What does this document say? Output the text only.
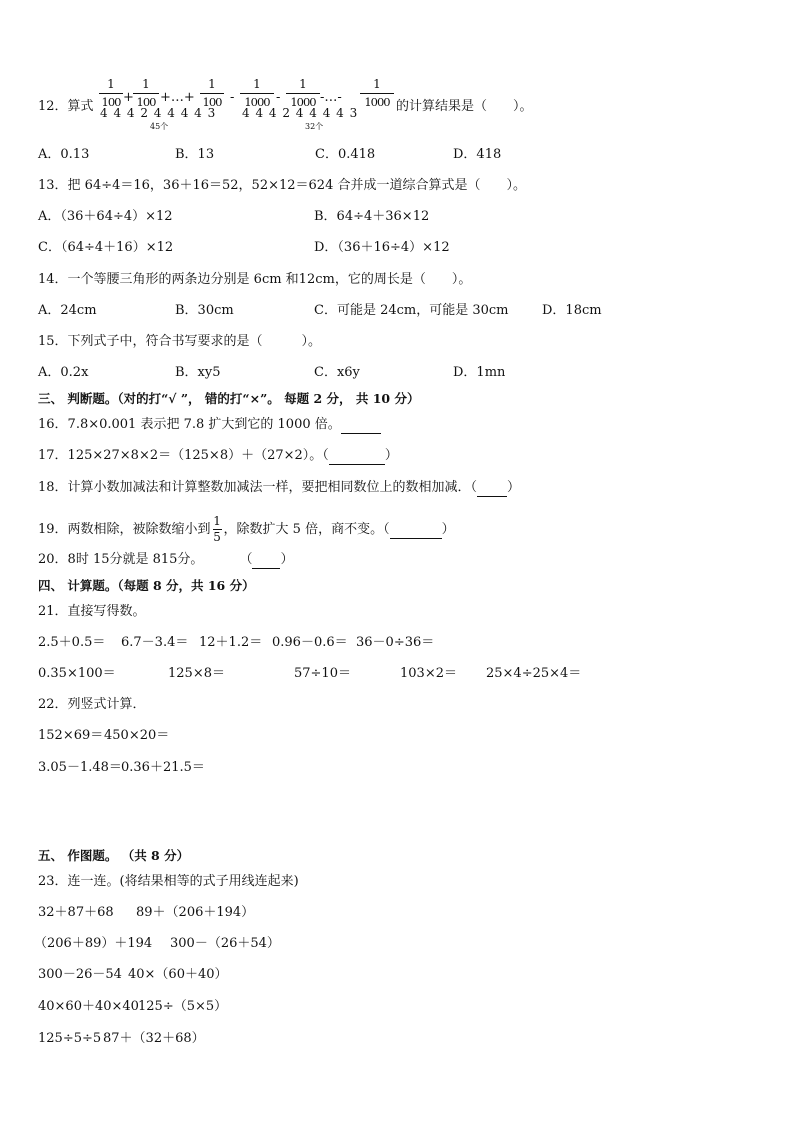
12．算式
1
100 +
1
100 +…+
1
100 -
1
1000 -
1
1000 -…-
1
1000
4 4 4 2 4 4 4 4 3 4 4 4 2 4 4 4 4 3
45个	32个
的计算结果是（　　）。
A．0.13	B．13	C．0.418	D．418
13．把 64÷4＝16，36＋16＝52，52×12＝624 合并成一道综合算式是（　　）。
A．（36＋64÷4）×12	B．64÷4＋36×12
C．（64÷4＋16）×12	D．（36＋16÷4）×12
14．一个等腰三角形的两条边分别是 6cm 和12cm，它的周长是（　　）。
A．24cm	B．30cm	C．可能是 24cm，可能是 30cm	D．18cm
15．下列式子中，符合书写要求的是（　　　）。
A．0.2x	B．xy5	C．x6y	D．1mn
三、 判断题。（对的打“√ ”， 错的打“×”。 每题 2 分， 共 10 分）
16．7.8×0.001 表示把 7.8 扩大到它的 1000 倍。
17．125×27×8×2＝（125×8）＋（27×2）。（	）
18．计算小数加减法和计算整数加减法一样，要把相同数位上的数相加减．（ ）
19．两数相除，被除数缩小到 $\frac{1}{5}$ ，除数扩大 5 倍，商不变。（	）
20．8时 15分就是 815分。	（ ）
四、 计算题。（每题 8 分，共 16 分）
21．直接写得数。
2.5＋0.5＝ 6.7－3.4＝ 12＋1.2＝ 0.96－0.6＝ 36－0÷36＝
0.35×100＝	125×8＝	57÷10＝	103×2＝ 25×4÷25×4＝
22．列竖式计算．
152×69＝ 450×20＝
3.05－1.48＝ 0.36＋21.5＝
五、 作图题。 （共 8 分）
23．连一连。(将结果相等的式子用线连起来)
32＋87＋68 89＋（206＋194）
（206＋89）＋194 300－（26＋54）
300－26－54 40×（60＋40）
40×60＋40×40 125÷（5×5）
125÷5÷5 87＋（32＋68）
